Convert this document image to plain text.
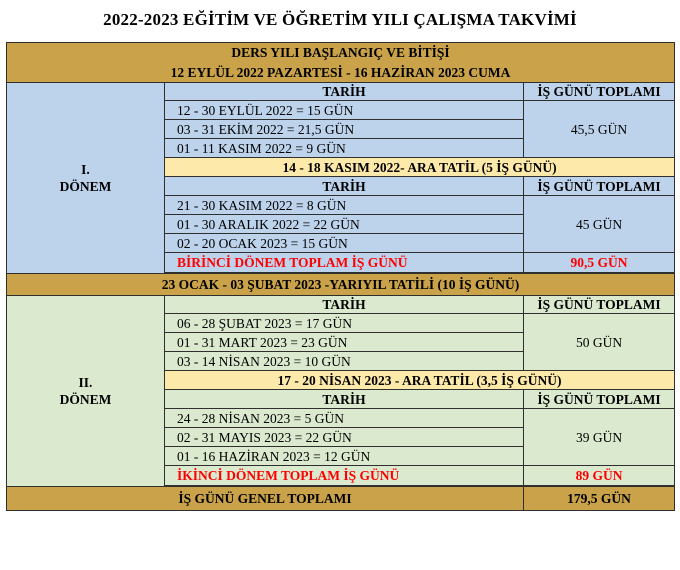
2022-2023 EĞİTİM VE ÖĞRETİM YILI ÇALIŞMA TAKVİMİ
DERS YILI BAŞLANGIÇ VE BİTİŞİ		
12 EYLÜL 2022 PAZARTESİ - 16 HAZİRAN 2023 CUMA		

I.
DÖNEM	TARİH	İŞ GÜNÜ TOPLAMI
	12 - 30 EYLÜL 2022 = 15 GÜN	45,5 GÜN
	03 - 31 EKİM 2022 = 21,5 GÜN	
	01 - 11 KASIM 2022 = 9 GÜN	
	14 - 18 KASIM 2022- ARA TATİL (5 İŞ GÜNÜ)	
	TARİH	İŞ GÜNÜ TOPLAMI
	21 - 30 KASIM 2022 = 8 GÜN	45 GÜN
	01 - 30 ARALIK 2022 = 22 GÜN	
	02 - 20 OCAK 2023 = 15 GÜN	
	BİRİNCİ DÖNEM TOPLAM İŞ GÜNÜ	90,5 GÜN

23 OCAK - 03 ŞUBAT 2023 -YARIYIL TATİLİ (10 İŞ GÜNÜ)		

II.
DÖNEM	TARİH	İŞ GÜNÜ TOPLAMI
	06 - 28 ŞUBAT 2023 = 17 GÜN	50 GÜN
	01 - 31 MART 2023 = 23 GÜN	
	03 - 14 NİSAN 2023 = 10 GÜN	
	17 - 20 NİSAN 2023 - ARA TATİL (3,5 İŞ GÜNÜ)	
	TARİH	İŞ GÜNÜ TOPLAMI
	24 - 28 NİSAN 2023 = 5 GÜN	39 GÜN
	02 - 31 MAYIS 2023 = 22 GÜN	
	01 - 16 HAZİRAN 2023 = 12 GÜN	
	İKİNCİ DÖNEM TOPLAM İŞ GÜNÜ	89 GÜN

İŞ GÜNÜ GENEL TOPLAMI		179,5 GÜN
